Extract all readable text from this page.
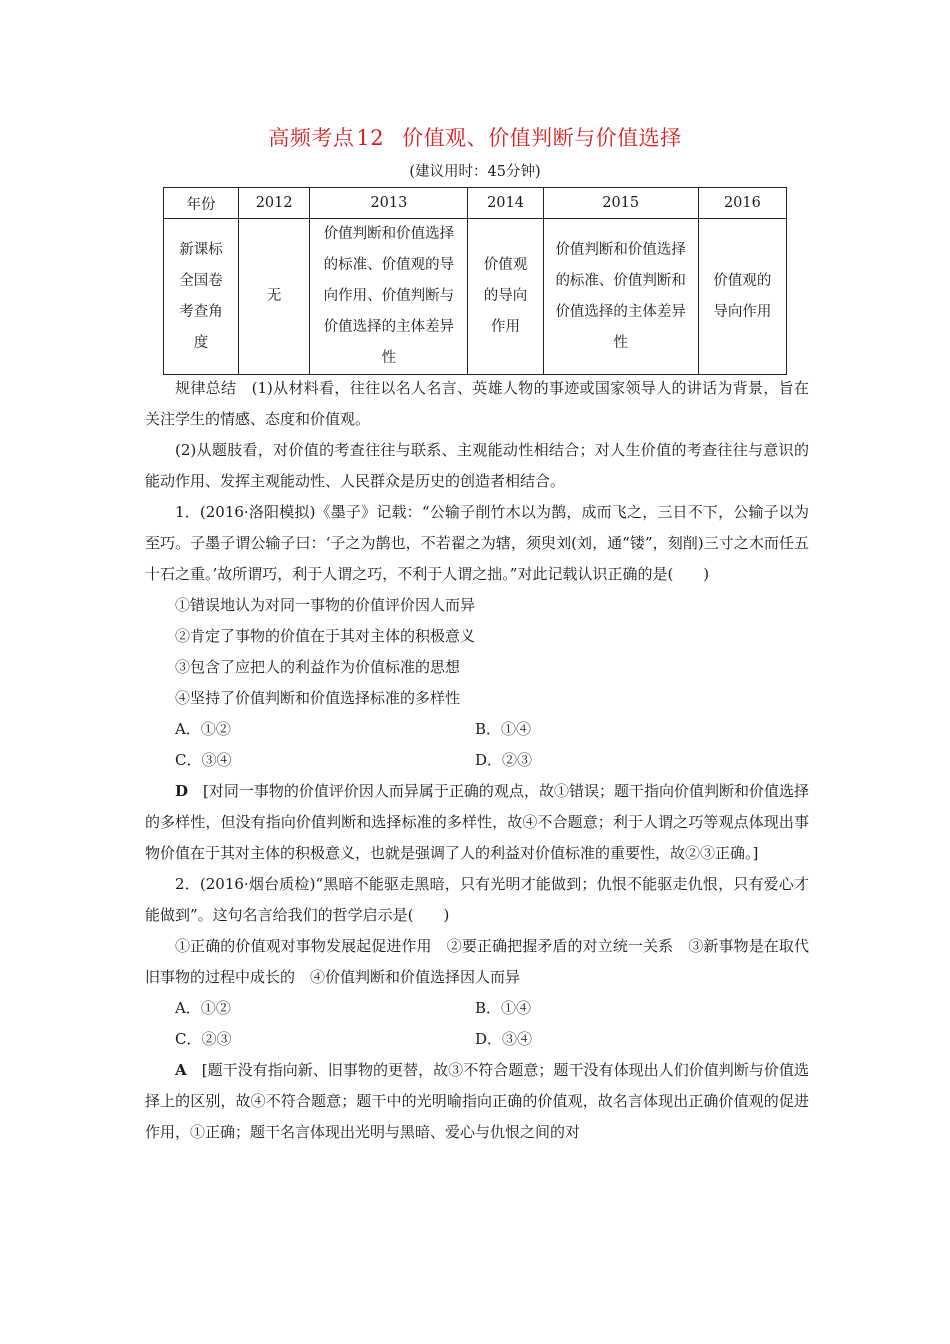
高频考点12 价值观、价值判断与价值选择
(建议用时：45分钟)
年份	2012	2013	2014	2015	2016
新课标全国卷考查角度	无	价值判断和价值选择的标准、价值观的导向作用、价值判断与价值选择的主体差异性	价值观的导向作用	价值判断和价值选择的标准、价值判断和价值选择的主体差异性	价值观的导向作用

规律总结　(1)从材料看，往往以名人名言、英雄人物的事迹或国家领导人的讲话为背景，旨在关注学生的情感、态度和价值观。

(2)从题肢看，对价值的考查往往与联系、主观能动性相结合；对人生价值的考查往往与意识的能动作用、发挥主观能动性、人民群众是历史的创造者相结合。

1．(2016·洛阳模拟)《墨子》记载：“公输子削竹木以为鹊，成而飞之，三日不下，公输子以为至巧。子墨子谓公输子曰：‘子之为鹊也，不若翟之为辖，须臾刘(刘，通“镂”，刻削)三寸之木而任五十石之重。’故所谓巧，利于人谓之巧，不利于人谓之拙。”对此记载认识正确的是(　　)

①错误地认为对同一事物的价值评价因人而异

②肯定了事物的价值在于其对主体的积极意义

③包含了应把人的利益作为价值标准的思想

④坚持了价值判断和价值选择标准的多样性

A．①②	B．①④
C．③④	D．②③

D　 [对同一事物的价值评价因人而异属于正确的观点，故①错误；题干指向价值判断和价值选择的多样性，但没有指向价值判断和选择标准的多样性，故④不合题意；利于人谓之巧等观点体现出事物价值在于其对主体的积极意义，也就是强调了人的利益对价值标准的重要性，故②③正确。]

2．(2016·烟台质检)“黑暗不能驱走黑暗，只有光明才能做到；仇恨不能驱走仇恨，只有爱心才能做到”。这句名言给我们的哲学启示是(　　)

①正确的价值观对事物发展起促进作用　②要正确把握矛盾的对立统一关系　③新事物是在取代旧事物的过程中成长的　④价值判断和价值选择因人而异

A．①②	B．①④
C．②③	D．③④

A　 [题干没有指向新、旧事物的更替，故③不符合题意；题干没有体现出人们价值判断与价值选择上的区别，故④不符合题意；题干中的光明喻指向正确的价值观，故名言体现出正确价值观的促进作用，①正确；题干名言体现出光明与黑暗、爱心与仇恨之间的对
